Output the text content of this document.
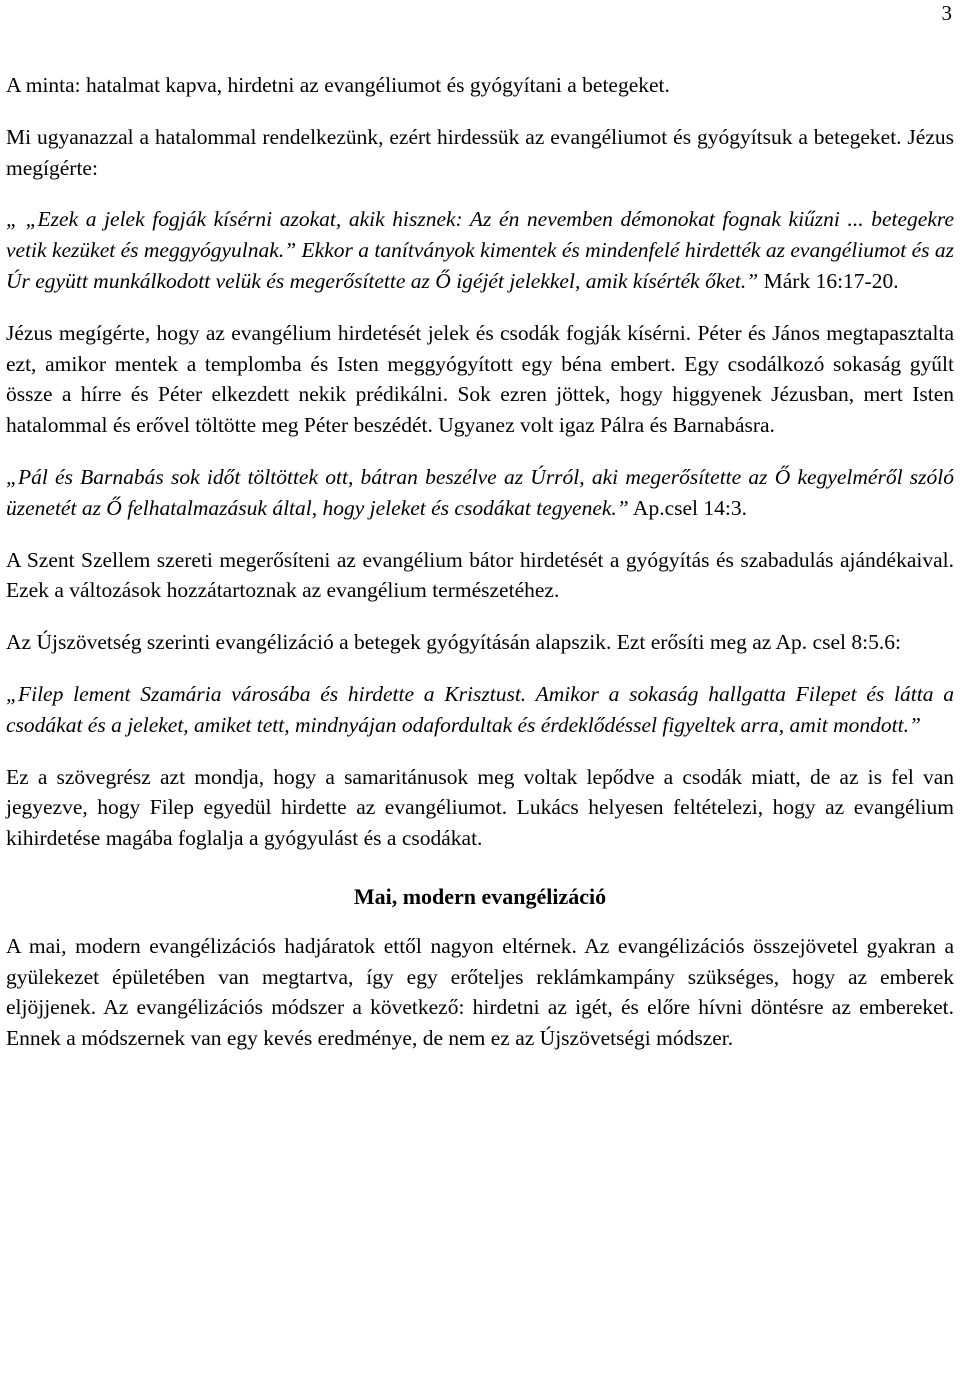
3

A minta: hatalmat kapva, hirdetni az evangéliumot és gyógyítani a betegeket.

Mi ugyanazzal a hatalommal rendelkezünk, ezért hirdessük az evangéliumot és gyógyítsuk a betegeket. Jézus megígérte:

„ „Ezek a jelek fogják kísérni azokat, akik hisznek: Az én nevemben démonokat fognak kiűzni ... betegekre vetik kezüket és meggyógyulnak.” Ekkor a tanítványok kimentek és mindenfelé hirdették az evangéliumot és az Úr együtt munkálkodott velük és megerősítette az Ő igéjét jelekkel, amik kísérték őket.” Márk 16:17-20.

Jézus megígérte, hogy az evangélium hirdetését jelek és csodák fogják kísérni. Péter és János megtapasztalta ezt, amikor mentek a templomba és Isten meggyógyított egy béna embert. Egy csodálkozó sokaság gyűlt össze a hírre és Péter elkezdett nekik prédikálni. Sok ezren jöttek, hogy higgyenek Jézusban, mert Isten hatalommal és erővel töltötte meg Péter beszédét. Ugyanez volt igaz Pálra és Barnabásra.

„Pál és Barnabás sok időt töltöttek ott, bátran beszélve az Úrról, aki megerősítette az Ő kegyelméről szóló üzenetét az Ő felhatalmazásuk által, hogy jeleket és csodákat tegyenek.” Ap.csel 14:3.

A Szent Szellem szereti megerősíteni az evangélium bátor hirdetését a gyógyítás és szabadulás ajándékaival. Ezek a változások hozzátartoznak az evangélium természetéhez.

Az Újszövetség szerinti evangélizáció a betegek gyógyításán alapszik. Ezt erősíti meg az Ap. csel 8:5.6:

„Filep lement Szamária városába és hirdette a Krisztust. Amikor a sokaság hallgatta Filepet és látta a csodákat és a jeleket, amiket tett, mindnyájan odafordultak és érdeklődéssel figyeltek arra, amit mondott.”

Ez a szövegrész azt mondja, hogy a samaritánusok meg voltak lepődve a csodák miatt, de az is fel van jegyezve, hogy Filep egyedül hirdette az evangéliumot. Lukács helyesen feltételezi, hogy az evangélium kihirdetése magába foglalja a gyógyulást és a csodákat.

Mai, modern evangélizáció

A mai, modern evangélizációs hadjáratok ettől nagyon eltérnek. Az evangélizációs összejövetel gyakran a gyülekezet épületében van megtartva, így egy erőteljes reklámkampány szükséges, hogy az emberek eljöjjenek. Az evangélizációs módszer a következő: hirdetni az igét, és előre hívni döntésre az embereket. Ennek a módszernek van egy kevés eredménye, de nem ez az Újszövetségi módszer.
